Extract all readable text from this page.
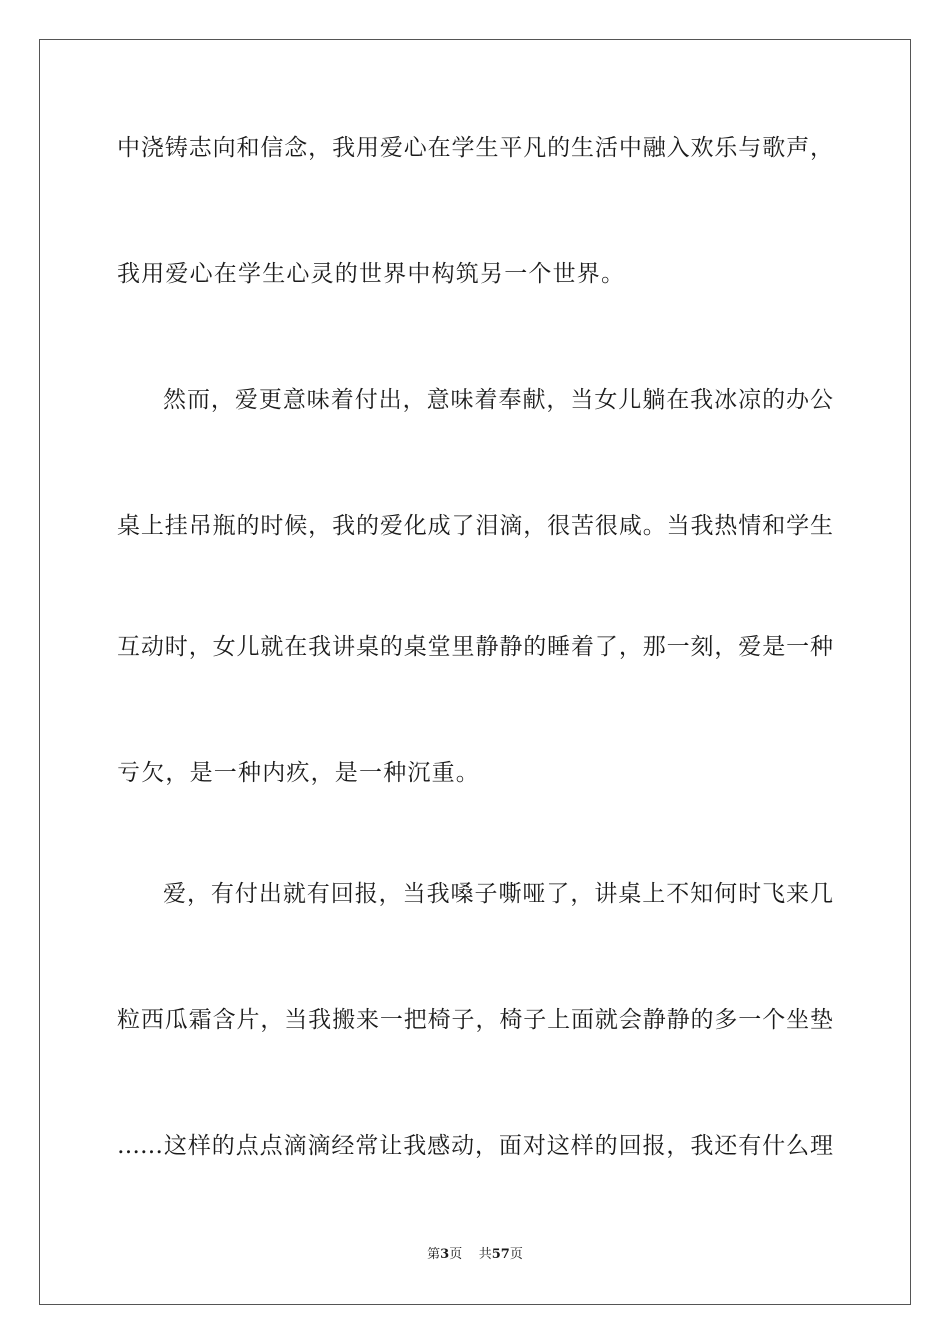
中浇铸志向和信念，我用爱心在学生平凡的生活中融入欢乐与歌声，
我用爱心在学生心灵的世界中构筑另一个世界。
然而，爱更意味着付出，意味着奉献，当女儿躺在我冰凉的办公
桌上挂吊瓶的时候，我的爱化成了泪滴，很苦很咸。当我热情和学生
互动时，女儿就在我讲桌的桌堂里静静的睡着了，那一刻，爱是一种
亏欠，是一种内疚，是一种沉重。
爱，有付出就有回报，当我嗓子嘶哑了，讲桌上不知何时飞来几
粒西瓜霜含片，当我搬来一把椅子，椅子上面就会静静的多一个坐垫
……这样的点点滴滴经常让我感动，面对这样的回报，我还有什么理
第3页 共57页
